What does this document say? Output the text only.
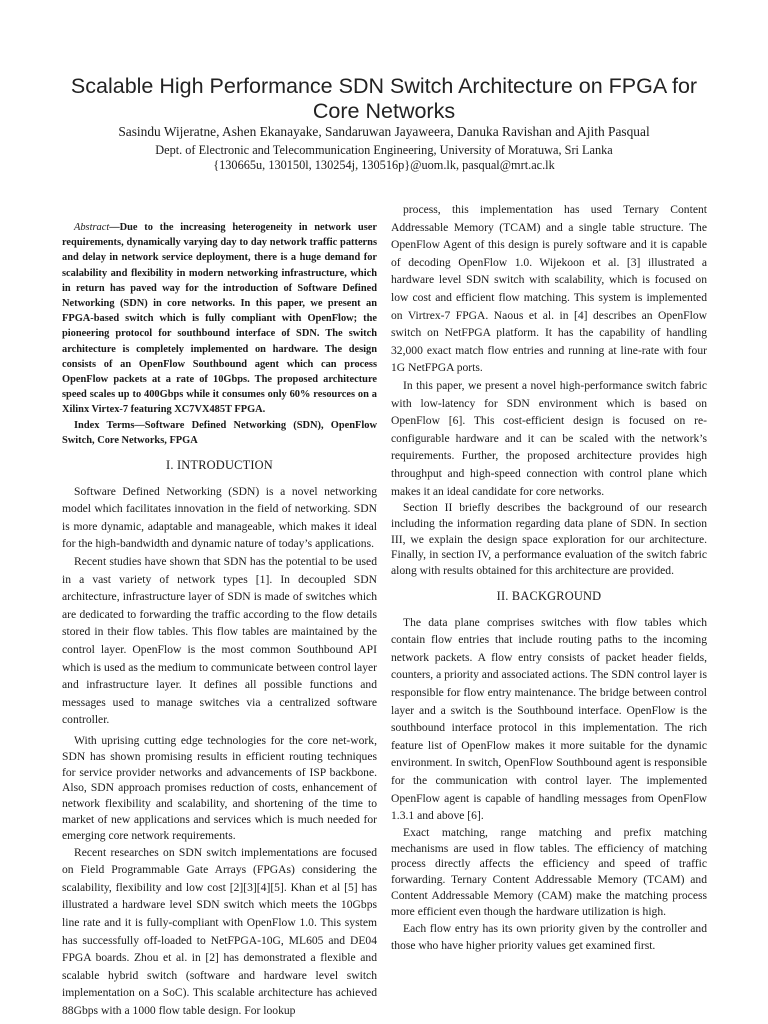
Scalable High Performance SDN Switch Architecture on FPGA for
Core Networks
Sasindu Wijeratne, Ashen Ekanayake, Sandaruwan Jayaweera, Danuka Ravishan and Ajith Pasqual
Dept. of Electronic and Telecommunication Engineering, University of Moratuwa, Sri Lanka
{130665u, 130150l, 130254j, 130516p}@uom.lk, pasqual@mrt.ac.lk

Abstract—Due to the increasing heterogeneity in network user requirements, dynamically varying day to day network traffic patterns and delay in network service deployment, there is a huge demand for scalability and flexibility in modern networking infrastructure, which in return has paved way for the introduction of Software Defined Networking (SDN) in core networks. In this paper, we present an FPGA-based switch which is fully compliant with OpenFlow; the pioneering protocol for southbound interface of SDN. The switch architecture is completely implemented on hardware. The design consists of an OpenFlow Southbound agent which can process OpenFlow packets at a rate of 10Gbps. The proposed architecture speed scales up to 400Gbps while it consumes only 60% resources on a Xilinx Virtex-7 featuring XC7VX485T FPGA.

Index Terms—Software Defined Networking (SDN), OpenFlow Switch, Core Networks, FPGA

I. INTRODUCTION

Software Defined Networking (SDN) is a novel networking model which facilitates innovation in the field of networking. SDN is more dynamic, adaptable and manageable, which makes it ideal for the high-bandwidth and dynamic nature of today’s applications.

Recent studies have shown that SDN has the potential to be used in a vast variety of network types [1]. In decoupled SDN architecture, infrastructure layer of SDN is made of switches which are dedicated to forwarding the traffic according to the flow details stored in their flow tables. This flow tables are maintained by the control layer. OpenFlow is the most common Southbound API which is used as the medium to communicate between control layer and infrastructure layer. It defines all possible functions and messages used to manage switches via a centralized software controller.

With uprising cutting edge technologies for the core net-work, SDN has shown promising results in efficient routing techniques for service provider networks and advancements of ISP backbone. Also, SDN approach promises reduction of costs, enhancement of network flexibility and scalability, and shortening of the time to market of new applications and services which is much needed for emerging core network requirements.

Recent researches on SDN switch implementations are focused on Field Programmable Gate Arrays (FPGAs) considering the scalability, flexibility and low cost [2][3][4][5]. Khan et al [5] has illustrated a hardware level SDN switch which meets the 10Gbps line rate and it is fully-compliant with OpenFlow 1.0. This system has successfully off-loaded to NetFPGA-10G, ML605 and DE04 FPGA boards. Zhou et al. in [2] has demonstrated a flexible and scalable hybrid switch (software and hardware level switch implementation on a SoC). This scalable architecture has achieved 88Gbps with a 1000 flow table design. For lookup

process, this implementation has used Ternary Content Addressable Memory (TCAM) and a single table structure. The OpenFlow Agent of this design is purely software and it is capable of decoding OpenFlow 1.0. Wijekoon et al. [3] illustrated a hardware level SDN switch with scalability, which is focused on low cost and efficient flow matching. This system is implemented on Virtrex-7 FPGA. Naous et al. in [4] describes an OpenFlow switch on NetFPGA platform. It has the capability of handling 32,000 exact match flow entries and running at line-rate with four 1G NetFPGA ports.

In this paper, we present a novel high-performance switch fabric with low-latency for SDN environment which is based on OpenFlow [6]. This cost-efficient design is focused on re-configurable hardware and it can be scaled with the network’s requirements. Further, the proposed architecture provides high throughput and high-speed connection with control plane which makes it an ideal candidate for core networks.

Section II briefly describes the background of our research including the information regarding data plane of SDN. In section III, we explain the design space exploration for our architecture. Finally, in section IV, a performance evaluation of the switch fabric along with results obtained for this architecture are provided.

II. BACKGROUND

The data plane comprises switches with flow tables which contain flow entries that include routing paths to the incoming network packets. A flow entry consists of packet header fields, counters, a priority and associated actions. The SDN control layer is responsible for flow entry maintenance. The bridge between control layer and a switch is the Southbound interface. OpenFlow is the southbound interface protocol in this implementation. The rich feature list of OpenFlow makes it more suitable for the dynamic environment. In switch, OpenFlow Southbound agent is responsible for the communication with control layer. The implemented OpenFlow agent is capable of handling messages from OpenFlow 1.3.1 and above [6].

Exact matching, range matching and prefix matching mechanisms are used in flow tables. The efficiency of matching process directly affects the efficiency and speed of traffic forwarding. Ternary Content Addressable Memory (TCAM) and Content Addressable Memory (CAM) make the matching process more efficient even though the hardware utilization is high.

Each flow entry has its own priority given by the controller and those who have higher priority values get examined first.
